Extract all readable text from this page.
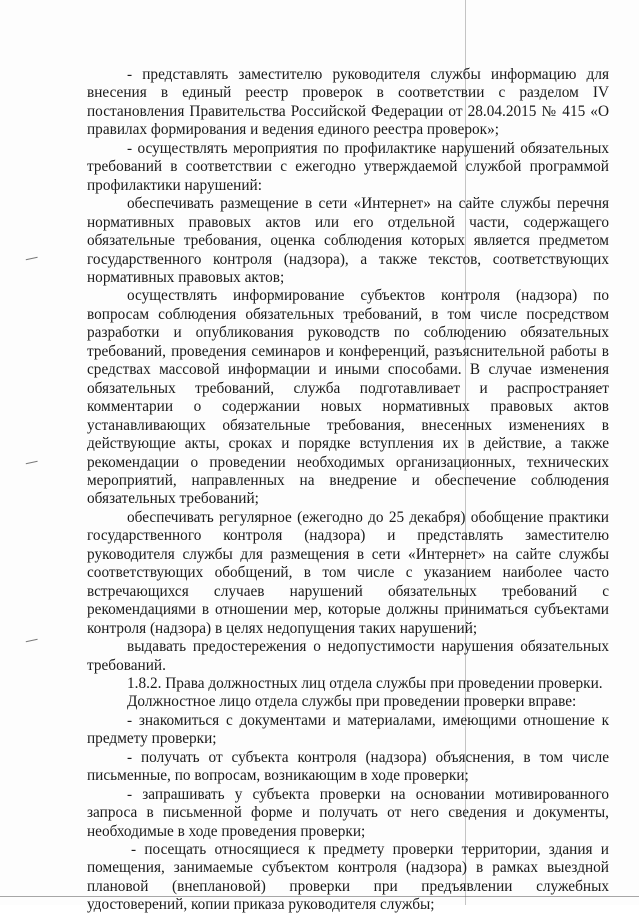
- представлять заместителю руководителя службы информацию для внесения в единый реестр проверок в соответствии с разделом IV постановления Правительства Российской Федерации от 28.04.2015 № 415 «О правилах формирования и ведения единого реестра проверок»;

- осуществлять мероприятия по профилактике нарушений обязательных требований в соответствии с ежегодно утверждаемой службой программой профилактики нарушений:

обеспечивать размещение в сети «Интернет» на сайте службы перечня нормативных правовых актов или его отдельной части, содержащего обязательные требования, оценка соблюдения которых является предметом государственного контроля (надзора), а также текстов, соответствующих нормативных правовых актов;

осуществлять информирование субъектов контроля (надзора) по вопросам соблюдения обязательных требований, в том числе посредством разработки и опубликования руководств по соблюдению обязательных требований, проведения семинаров и конференций, разъяснительной работы в средствах массовой информации и иными способами. В случае изменения обязательных требований, служба подготавливает и распространяет комментарии о содержании новых нормативных правовых актов устанавливающих обязательные требования, внесенных изменениях в действующие акты, сроках и порядке вступления их в действие, а также рекомендации о проведении необходимых организационных, технических мероприятий, направленных на внедрение и обеспечение соблюдения обязательных требований;

обеспечивать регулярное (ежегодно до 25 декабря) обобщение практики государственного контроля (надзора) и представлять заместителю руководителя службы для размещения в сети «Интернет» на сайте службы соответствующих обобщений, в том числе с указанием наиболее часто встречающихся случаев нарушений обязательных требований с рекомендациями в отношении мер, которые должны приниматься субъектами контроля (надзора) в целях недопущения таких нарушений;

выдавать предостережения о недопустимости нарушения обязательных требований.

1.8.2. Права должностных лиц отдела службы при проведении проверки.

Должностное лицо отдела службы при проведении проверки вправе:

- знакомиться с документами и материалами, имеющими отношение к предмету проверки;

- получать от субъекта контроля (надзора) объяснения, в том числе письменные, по вопросам, возникающим в ходе проверки;

- запрашивать у субъекта проверки на основании мотивированного запроса в письменной форме и получать от него сведения и документы, необходимые в ходе проведения проверки;

- посещать относящиеся к предмету проверки территории, здания и помещения, занимаемые субъектом контроля (надзора) в рамках выездной плановой (внеплановой) проверки при предъявлении служебных удостоверений, копии приказа руководителя службы;
